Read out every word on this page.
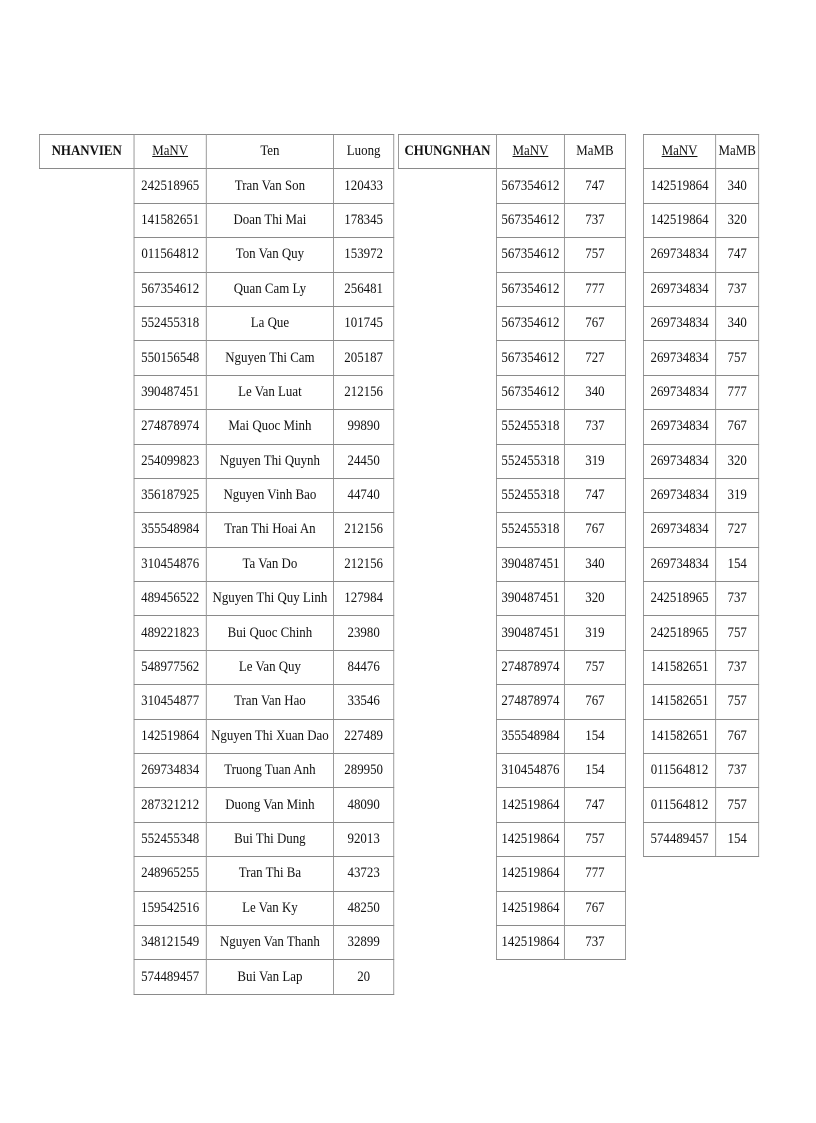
NHANVIEN	MaNV	Ten	Luong
	242518965	Tran Van Son	120433
	141582651	Doan Thi Mai	178345
	011564812	Ton Van Quy	153972
	567354612	Quan Cam Ly	256481
	552455318	La Que	101745
	550156548	Nguyen Thi Cam	205187
	390487451	Le Van Luat	212156
	274878974	Mai Quoc Minh	99890
	254099823	Nguyen Thi Quynh	24450
	356187925	Nguyen Vinh Bao	44740
	355548984	Tran Thi Hoai An	212156
	310454876	Ta Van Do	212156
	489456522	Nguyen Thi Quy Linh	127984
	489221823	Bui Quoc Chinh	23980
	548977562	Le Van Quy	84476
	310454877	Tran Van Hao	33546
	142519864	Nguyen Thi Xuan Dao	227489
	269734834	Truong Tuan Anh	289950
	287321212	Duong Van Minh	48090
	552455348	Bui Thi Dung	92013
	248965255	Tran Thi Ba	43723
	159542516	Le Van Ky	48250
	348121549	Nguyen Van Thanh	32899
	574489457	Bui Van Lap	20
CHUNGNHAN	MaNV	MaMB
	567354612	747
	567354612	737
	567354612	757
	567354612	777
	567354612	767
	567354612	727
	567354612	340
	552455318	737
	552455318	319
	552455318	747
	552455318	767
	390487451	340
	390487451	320
	390487451	319
	274878974	757
	274878974	767
	355548984	154
	310454876	154
	142519864	747
	142519864	757
	142519864	777
	142519864	767
	142519864	737
MaNV	MaMB
142519864	340
142519864	320
269734834	747
269734834	737
269734834	340
269734834	757
269734834	777
269734834	767
269734834	320
269734834	319
269734834	727
269734834	154
242518965	737
242518965	757
141582651	737
141582651	757
141582651	767
011564812	737
011564812	757
574489457	154
